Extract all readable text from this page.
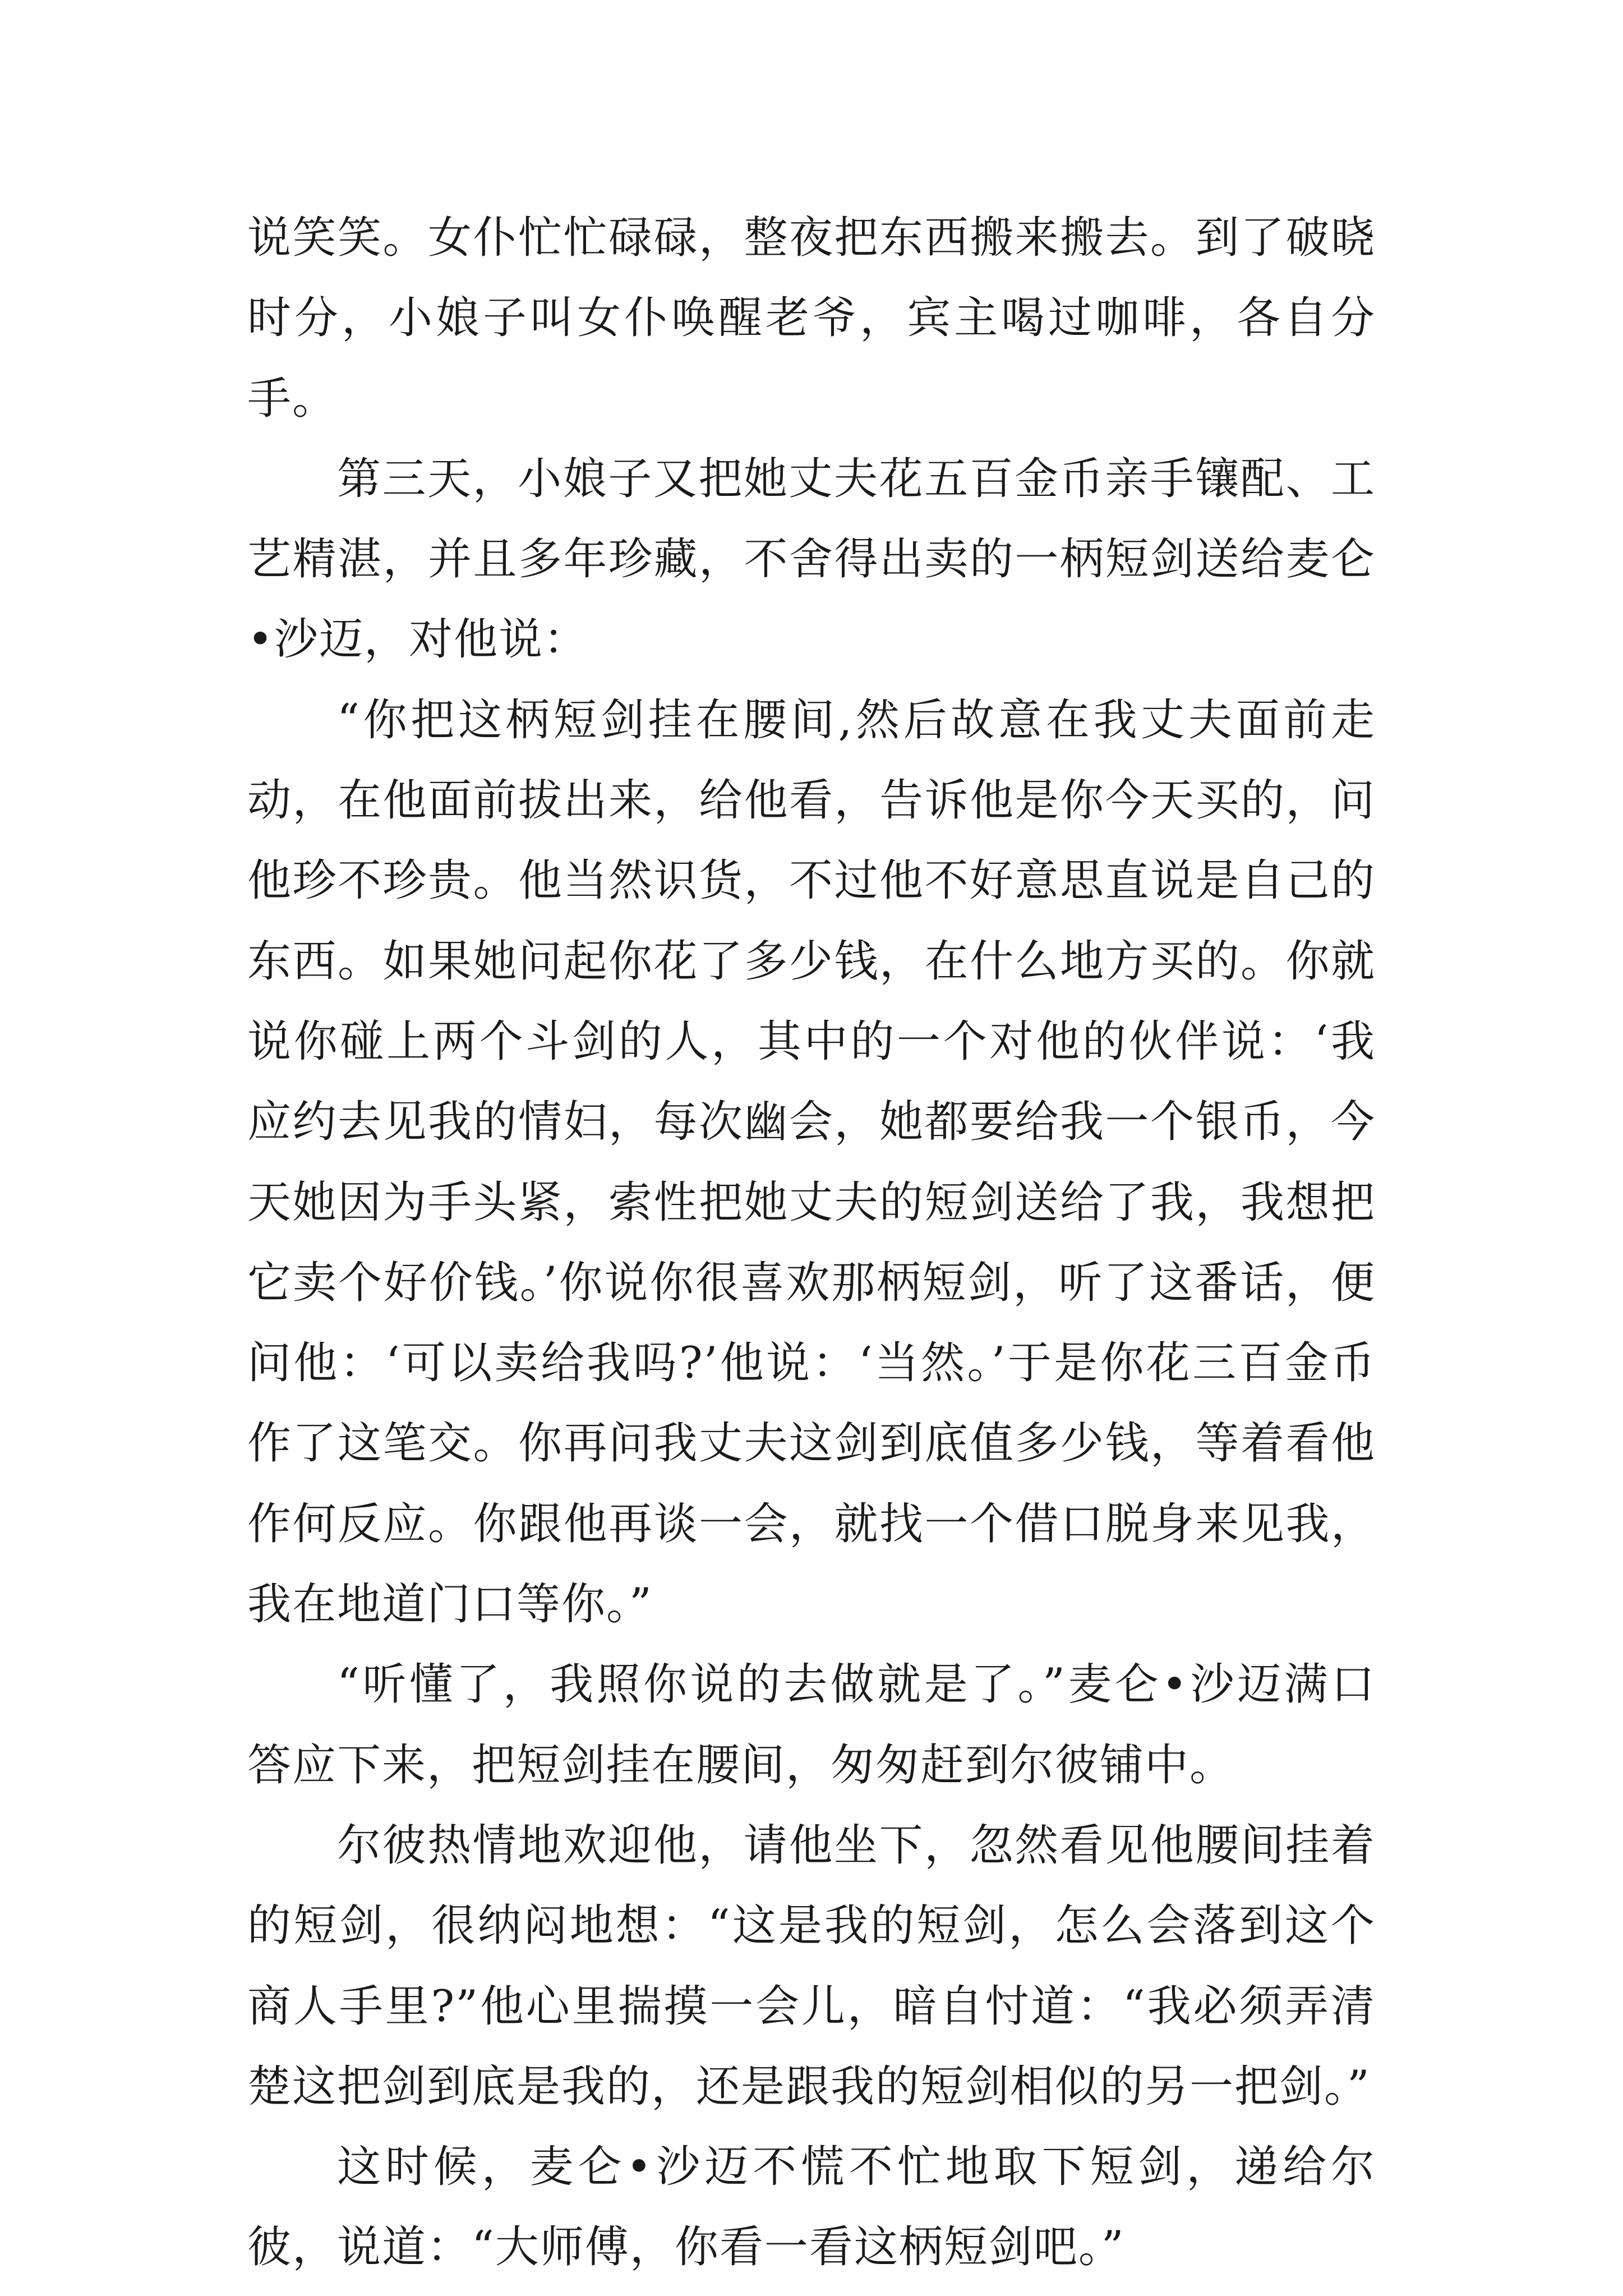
说笑笑。女仆忙忙碌碌，整夜把东西搬来搬去。到了破晓时分，小娘子叫女仆唤醒老爷，宾主喝过咖啡，各自分手。

第三天，小娘子又把她丈夫花五百金币亲手镶配、工艺精湛，并且多年珍藏，不舍得出卖的一柄短剑送给麦仑•沙迈，对他说：

“你把这柄短剑挂在腰间,然后故意在我丈夫面前走动，在他面前拔出来，给他看，告诉他是你今天买的，问他珍不珍贵。他当然识货，不过他不好意思直说是自己的东西。如果她问起你花了多少钱，在什么地方买的。你就说你碰上两个斗剑的人，其中的一个对他的伙伴说：‘我应约去见我的情妇，每次幽会，她都要给我一个银币，今天她因为手头紧，索性把她丈夫的短剑送给了我，我想把它卖个好价钱。’你说你很喜欢那柄短剑，听了这番话，便问他：‘可以卖给我吗?’他说：‘当然。’于是你花三百金币作了这笔交。你再问我丈夫这剑到底值多少钱，等着看他作何反应。你跟他再谈一会，就找一个借口脱身来见我，我在地道门口等你。”

“听懂了，我照你说的去做就是了。”麦仑•沙迈满口答应下来，把短剑挂在腰间，匆匆赶到尔彼铺中。

尔彼热情地欢迎他，请他坐下，忽然看见他腰间挂着的短剑，很纳闷地想：“这是我的短剑，怎么会落到这个商人手里?”他心里揣摸一会儿，暗自忖道：“我必须弄清楚这把剑到底是我的，还是跟我的短剑相似的另一把剑。”

这时候，麦仑•沙迈不慌不忙地取下短剑，递给尔彼，说道：“大师傅，你看一看这柄短剑吧。”
